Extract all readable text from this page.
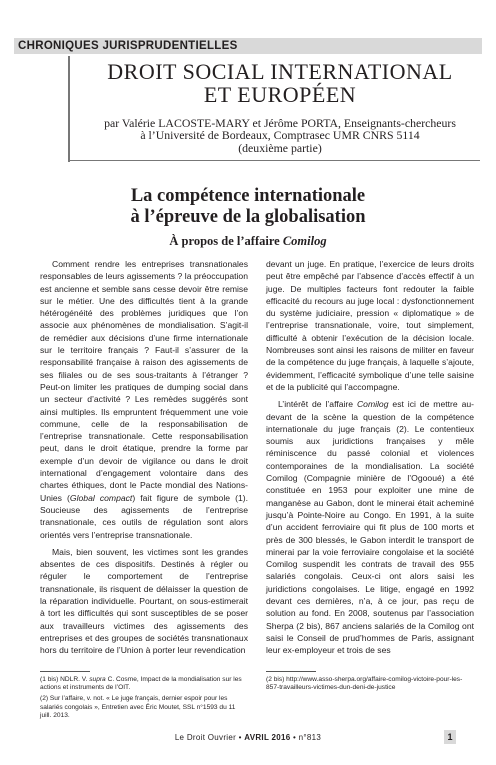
CHRONIQUES JURISPRUDENTIELLES
DROIT SOCIAL INTERNATIONAL
ET EUROPÉEN
par Valérie LACOSTE-MARY et Jérôme PORTA, Enseignants-chercheurs
à l’Université de Bordeaux, Comptrasec UMR CNRS 5114
(deuxième partie)
La compétence internationale
à l’épreuve de la globalisation
À propos de l’affaire Comilog

Comment rendre les entreprises transnationales responsables de leurs agissements ? la préoccupation est ancienne et semble sans cesse devoir être remise sur le métier. Une des difficultés tient à la grande hétérogénéité des problèmes juridiques que l’on associe aux phénomènes de mondialisation. S’agit-il de remédier aux décisions d’une firme internationale sur le territoire français ? Faut-il s’assurer de la responsabilité française à raison des agissements de ses filiales ou de ses sous-traitants à l’étranger ? Peut-on limiter les pratiques de dumping social dans un secteur d’activité ? Les remèdes suggérés sont ainsi multiples. Ils empruntent fréquemment une voie commune, celle de la responsabilisation de l’entreprise transnationale. Cette responsabilisation peut, dans le droit étatique, prendre la forme par exemple d’un devoir de vigilance ou dans le droit international d’engagement volontaire dans des chartes éthiques, dont le Pacte mondial des Nations-Unies (Global compact) fait figure de symbole (1). Soucieuse des agissements de l’entreprise transnationale, ces outils de régulation sont alors orientés vers l’entreprise transnationale.

Mais, bien souvent, les victimes sont les grandes absentes de ces dispositifs. Destinés à régler ou réguler le comportement de l’entreprise transnationale, ils risquent de délaisser la question de la réparation individuelle. Pourtant, on sous-estimerait à tort les difficultés qui sont susceptibles de se poser aux travailleurs victimes des agissements des entreprises et des groupes de sociétés transnationaux hors du territoire de l’Union à porter leur revendication

devant un juge. En pratique, l’exercice de leurs droits peut être empêché par l’absence d’accès effectif à un juge. De multiples facteurs font redouter la faible efficacité du recours au juge local : dysfonctionnement du système judiciaire, pression « diplomatique » de l’entreprise transnationale, voire, tout simplement, difficulté à obtenir l’exécution de la décision locale. Nombreuses sont ainsi les raisons de militer en faveur de la compétence du juge français, à laquelle s’ajoute, évidemment, l’efficacité symbolique d’une telle saisine et de la publicité qui l’accompagne.

L’intérêt de l’affaire Comilog est ici de mettre au-devant de la scène la question de la compétence internationale du juge français (2). Le contentieux soumis aux juridictions françaises y mêle réminiscence du passé colonial et violences contemporaines de la mondialisation. La société Comilog (Compagnie minière de l’Ogooué) a été constituée en 1953 pour exploiter une mine de manganèse au Gabon, dont le minerai était acheminé jusqu’à Pointe-Noire au Congo. En 1991, à la suite d’un accident ferroviaire qui fit plus de 100 morts et près de 300 blessés, le Gabon interdit le transport de minerai par la voie ferroviaire congolaise et la société Comilog suspendit les contrats de travail des 955 salariés congolais. Ceux-ci ont alors saisi les juridictions congolaises. Le litige, engagé en 1992 devant ces dernières, n’a, à ce jour, pas reçu de solution au fond. En 2008, soutenus par l’association Sherpa (2 bis), 867 anciens salariés de la Comilog ont saisi le Conseil de prud’hommes de Paris, assignant leur ex-employeur et trois de ses

(1 bis) NDLR. V. supra C. Cosme, Impact de la mondialisation sur les actions et instruments de l’OIT.

(2) Sur l’affaire, v. not. « Le juge français, dernier espoir pour les salariés congolais », Entretien avec Éric Moutet, SSL n°1593 du 11 juill. 2013.

(2 bis) http://www.asso-sherpa.org/affaire-comilog-victoire-pour-les-857-travailleurs-victimes-dun-deni-de-justice

Le Droit Ouvrier • AVRIL 2016 • n°813	1
